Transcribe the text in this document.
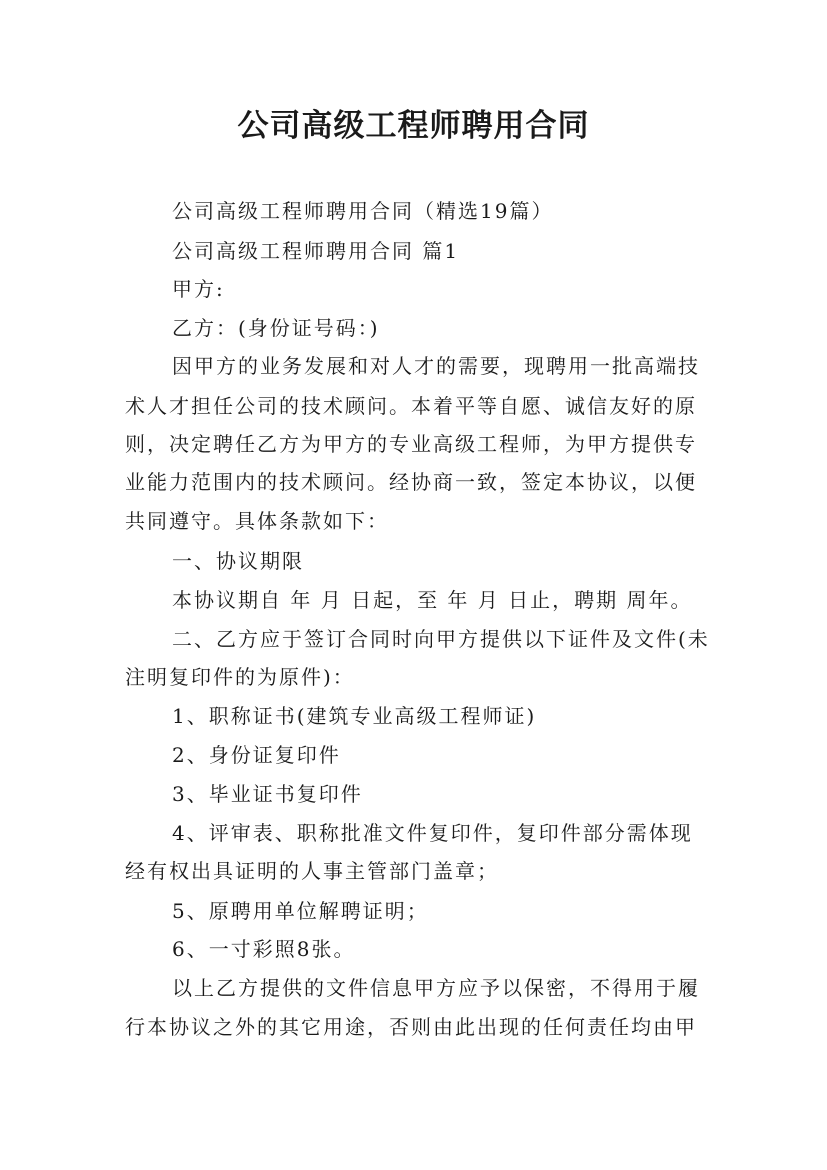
公司高级工程师聘用合同
公司高级工程师聘用合同（精选19篇）
公司高级工程师聘用合同 篇1
甲方:
乙方：(身份证号码：)
因甲方的业务发展和对人才的需要，现聘用一批高端技
术人才担任公司的技术顾问。本着平等自愿、诚信友好的原
则，决定聘任乙方为甲方的专业高级工程师，为甲方提供专
业能力范围内的技术顾问。经协商一致，签定本协议，以便
共同遵守。具体条款如下：
一、协议期限
本协议期自 年 月 日起，至 年 月 日止，聘期 周年。
二、乙方应于签订合同时向甲方提供以下证件及文件(未
注明复印件的为原件)：
1、职称证书(建筑专业高级工程师证)
2、身份证复印件
3、毕业证书复印件
4、评审表、职称批准文件复印件，复印件部分需体现
经有权出具证明的人事主管部门盖章；
5、原聘用单位解聘证明；
6、一寸彩照8张。
以上乙方提供的文件信息甲方应予以保密，不得用于履
行本协议之外的其它用途，否则由此出现的任何责任均由甲
